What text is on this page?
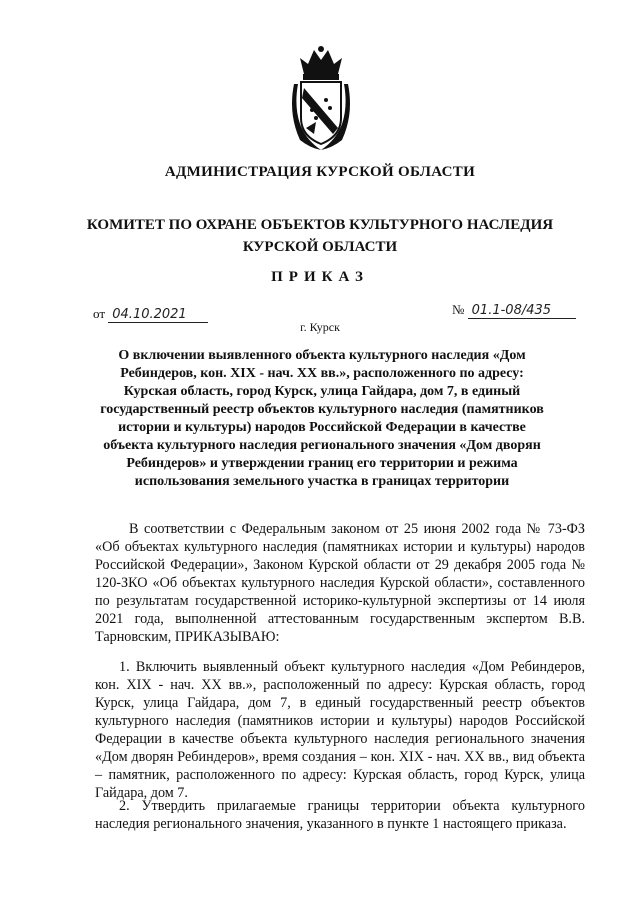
АДМИНИСТРАЦИЯ КУРСКОЙ ОБЛАСТИ
КОМИТЕТ ПО ОХРАНЕ ОБЪЕКТОВ КУЛЬТУРНОГО НАСЛЕДИЯ
КУРСКОЙ ОБЛАСТИ
ПРИКАЗ
от 04.10.2021	№ 01.1-08/435
г. Курск
О включении выявленного объекта культурного наследия «Дом Ребиндеров, кон. XIX - нач. XX вв.», расположенного по адресу: Курская область, город Курск, улица Гайдара, дом 7, в единый государственный реестр объектов культурного наследия (памятников истории и культуры) народов Российской Федерации в качестве объекта культурного наследия регионального значения «Дом дворян Ребиндеров» и утверждении границ его территории и режима использования земельного участка в границах территории
В соответствии с Федеральным законом от 25 июня 2002 года № 73-ФЗ «Об объектах культурного наследия (памятниках истории и культуры) народов Российской Федерации», Законом Курской области от 29 декабря 2005 года № 120-ЗКО «Об объектах культурного наследия Курской области», составленного по результатам государственной историко-культурной экспертизы от 14 июля 2021 года, выполненной аттестованным государственным экспертом В.В. Тарновским, ПРИКАЗЫВАЮ:
1. Включить выявленный объект культурного наследия «Дом Ребиндеров, кон. XIX - нач. XX вв.», расположенный по адресу: Курская область, город Курск, улица Гайдара, дом 7, в единый государственный реестр объектов культурного наследия (памятников истории и культуры) народов Российской Федерации в качестве объекта культурного наследия регионального значения «Дом дворян Ребиндеров», время создания – кон. XIX - нач. XX вв., вид объекта – памятник, расположенного по адресу: Курская область, город Курск, улица Гайдара, дом 7.
2. Утвердить прилагаемые границы территории объекта культурного наследия регионального значения, указанного в пункте 1 настоящего приказа.
